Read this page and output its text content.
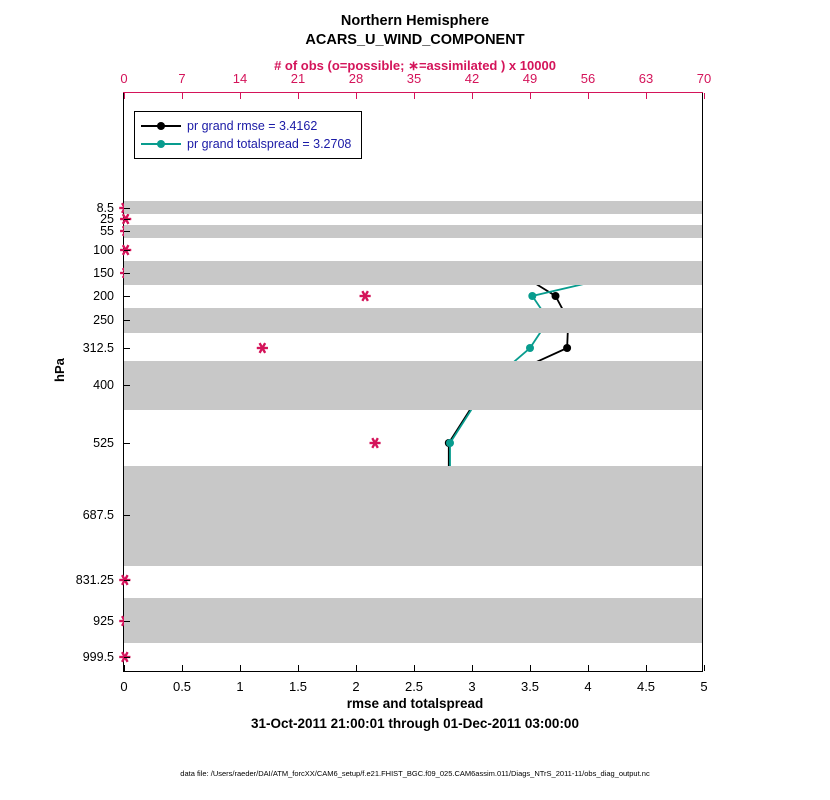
Northern Hemisphere
ACARS_U_WIND_COMPONENT
# of obs (o=possible; ∗=assimilated ) x 10000
pr grand rmse = 3.4162
pr grand totalspread = 3.2708
0	0.5	1	1.5	2	2.5	3	3.5	4	4.5	5
0	7	14	21	28	35	42	49	56	63	70
8.5
25
55
100
150
200
250
312.5
400
525
687.5
831.25
925
999.5
hPa
rmse and totalspread
31-Oct-2011 21:00:01 through 01-Dec-2011 03:00:00
data file: /Users/raeder/DAI/ATM_forcXX/CAM6_setup/f.e21.FHIST_BGC.f09_025.CAM6assim.011/Diags_NTrS_2011-11/obs_diag_output.nc
